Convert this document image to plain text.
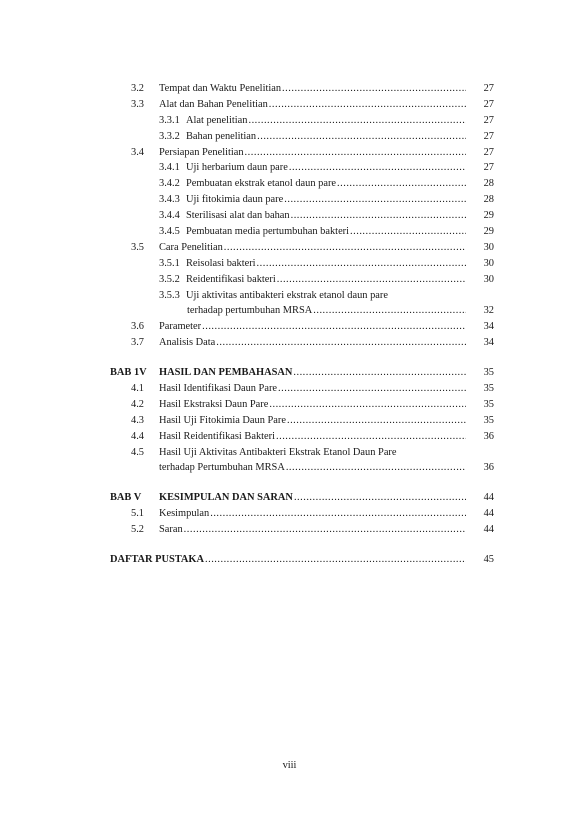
3.2 Tempat dan Waktu Penelitian .....	27
3.3 Alat dan Bahan Penelitian .....	27
3.3.1 Alat penelitian .....	27
3.3.2 Bahan penelitian .....	27
3.4 Persiapan Penelitian .....	27
3.4.1 Uji herbarium daun pare .....	27
3.4.2 Pembuatan ekstrak etanol daun pare .....	28
3.4.3 Uji fitokimia daun pare .....	28
3.4.4 Sterilisasi alat dan bahan .....	29
3.4.5 Pembuatan media pertumbuhan bakteri .....	29
3.5 Cara Penelitian .....	30
3.5.1 Reisolasi bakteri .....	30
3.5.2 Reidentifikasi bakteri .....	30
3.5.3 Uji aktivitas antibakteri ekstrak etanol daun pare
terhadap pertumbuhan MRSA .....	32
3.6 Parameter .....	34
3.7 Analisis Data .....	34
BAB 1V HASIL DAN PEMBAHASAN .....	35
4.1 Hasil Identifikasi Daun Pare .....	35
4.2 Hasil Ekstraksi Daun Pare .....	35
4.3 Hasil Uji Fitokimia Daun Pare .....	35
4.4 Hasil Reidentifikasi Bakteri .....	36
4.5 Hasil Uji Aktivitas Antibakteri Ekstrak Etanol Daun Pare
terhadap Pertumbuhan MRSA .....	36
BAB V KESIMPULAN DAN SARAN .....	44
5.1 Kesimpulan .....	44
5.2 Saran .....	44
DAFTAR PUSTAKA .....	45
viii
